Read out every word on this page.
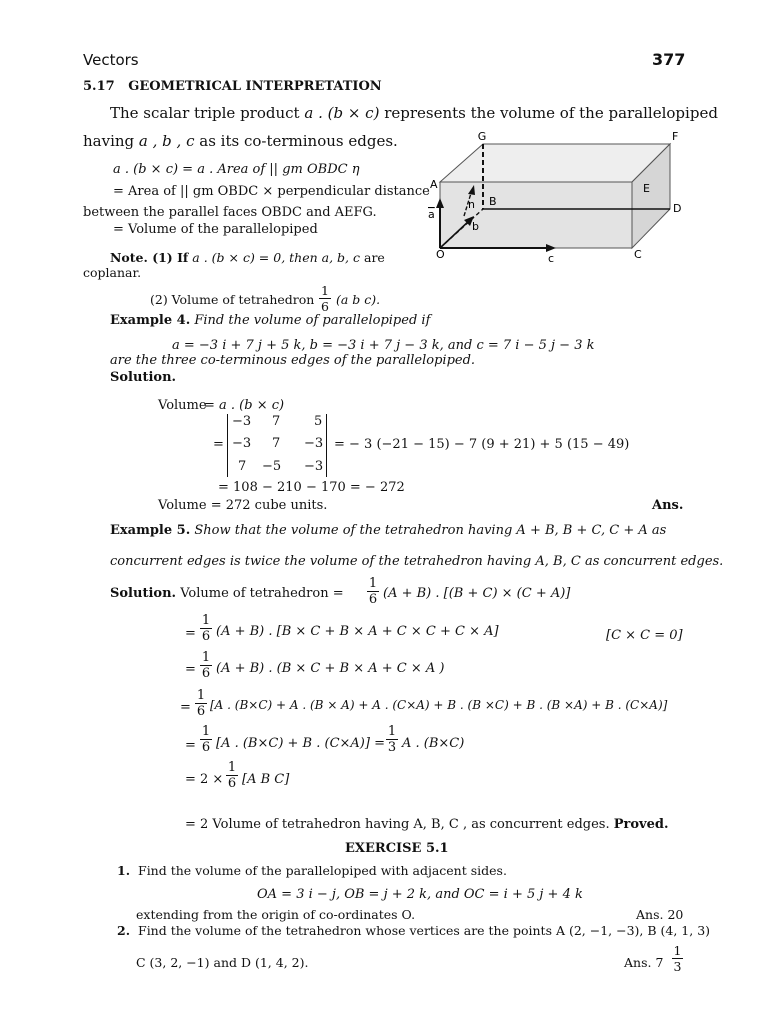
Vectors	377
5.17 GEOMETRICAL INTERPRETATION
The scalar triple product a . (b × c) represents the volume of the parallelopiped
having a , b , c as its co-terminous edges.
a . (b × c) = a . Area of || gm OBDC η
= Area of || gm OBDC × perpendicular distance
between the parallel faces OBDC and AEFG.
= Volume of the parallelopiped
Note. (1) If a . (b × c) = 0, then a, b, c are
coplanar.
(2) Volume of tetrahedron $\frac{1}{6} (a$ b c).
G	F
A	E
B
D
O	C
n
a
b
c
Example 4. Find the volume of parallelopiped if
a = −3 i + 7 j + 5 k, b = −3 i + 7 j − 3 k, and c = 7 i − 5 j − 3 k
are the three co-terminous edges of the parallelopiped.
Solution.
Volume
= a . (b × c)
=
−3 7	5
−3 7 −3
7 −5 −3
= − 3 (−21 − 15) − 7 (9 + 21) + 5 (15 − 49)
= 108 − 210 − 170 = − 272
Volume = 272 cube units.	Ans.
Example 5. Show that the volume of the tetrahedron having A + B, B + C, C + A as
concurrent edges is twice the volume of the tetrahedron having A, B, C as concurrent edges.
Solution. Volume of tetrahedron = $\frac{1}{6} (A + B)$ . [(B + C) × (C + A)]
= $\frac{1}{6} (A + B)$ . [B × C + B × A + C × C + C × A]	[C × C = 0]
= $\frac{1}{6} (A + B)$ . (B × C + B × A + C × A )
= $\frac{1}{6} [A$ . (B×C) + A . (B × A) + A . (C×A) + B . (B ×C) + B . (B ×A) + B . (C×A)]
= $\frac{1}{6} [A$ . (B×C) + B . $(C\times A)] = \frac{1}{3}$ A . (B×C)
= $2 \times \frac{1}{6} [A$ B C]
= 2 Volume of tetrahedron having A, B, C , as concurrent edges. Proved.
EXERCISE 5.1
1. Find the volume of the parallelopiped with adjacent sides.
OA = 3 i − j, OB = j + 2 k, and OC = i + 5 j + 4 k
extending from the origin of co-ordinates O.	Ans. 20
2. Find the volume of the tetrahedron whose vertices are the points A (2, −1, −3), B (4, 1, 3)
C (3, 2, −1) and D (1, 4, 2).	Ans. $7 \frac{1}{3}$
